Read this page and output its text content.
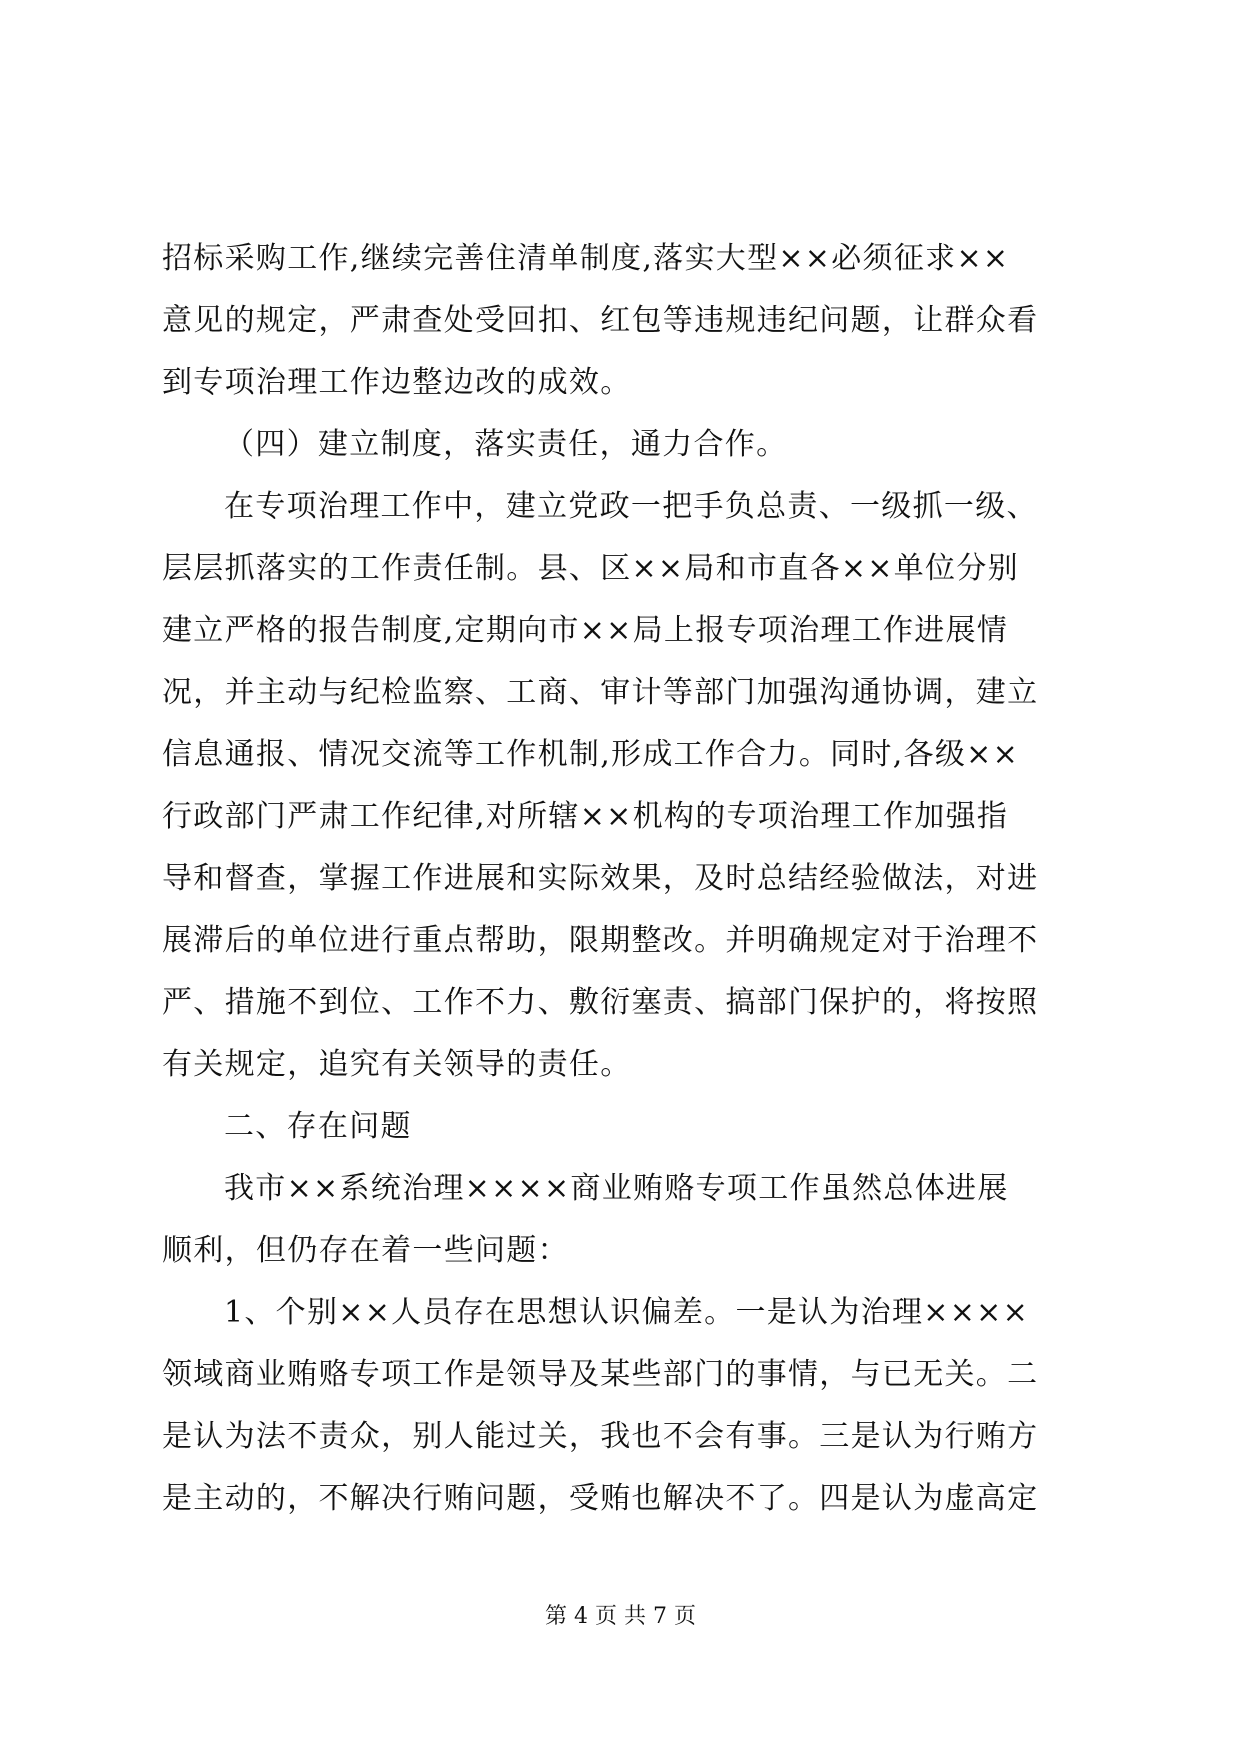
招标采购工作,继续完善住清单制度,落实大型××必须征求××
意见的规定，严肃查处受回扣、红包等违规违纪问题，让群众看
到专项治理工作边整边改的成效。
（四）建立制度，落实责任，通力合作。
在专项治理工作中，建立党政一把手负总责、一级抓一级、
层层抓落实的工作责任制。县、区××局和市直各××单位分别
建立严格的报告制度,定期向市××局上报专项治理工作进展情
况，并主动与纪检监察、工商、审计等部门加强沟通协调，建立
信息通报、情况交流等工作机制,形成工作合力。同时,各级××
行政部门严肃工作纪律,对所辖××机构的专项治理工作加强指
导和督查，掌握工作进展和实际效果，及时总结经验做法，对进
展滞后的单位进行重点帮助，限期整改。并明确规定对于治理不
严、措施不到位、工作不力、敷衍塞责、搞部门保护的，将按照
有关规定，追究有关领导的责任。
二、存在问题
我市××系统治理××××商业贿赂专项工作虽然总体进展
顺利，但仍存在着一些问题：
1、个别××人员存在思想认识偏差。一是认为治理××××
领域商业贿赂专项工作是领导及某些部门的事情，与已无关。二
是认为法不责众，别人能过关，我也不会有事。三是认为行贿方
是主动的，不解决行贿问题，受贿也解决不了。四是认为虚高定
第 4 页 共 7 页
